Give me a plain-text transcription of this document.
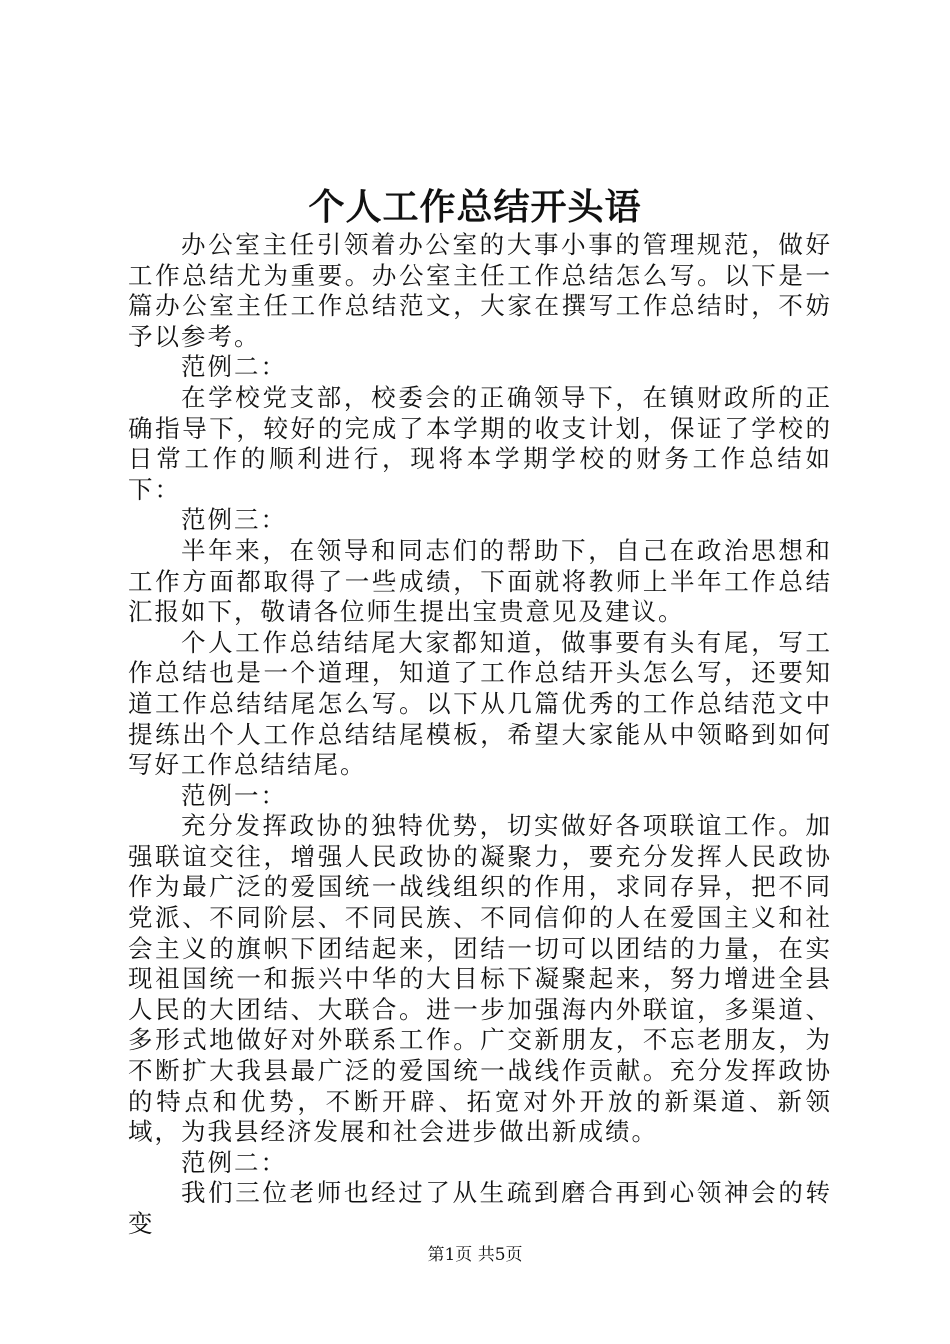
个人工作总结开头语

办公室主任引领着办公室的大事小事的管理规范，做好工作总结尤为重要。办公室主任工作总结怎么写。以下是一篇办公室主任工作总结范文，大家在撰写工作总结时，不妨予以参考。

范例二：

在学校党支部，校委会的正确领导下，在镇财政所的正确指导下，较好的完成了本学期的收支计划，保证了学校的日常工作的顺利进行，现将本学期学校的财务工作总结如下：

范例三：

半年来，在领导和同志们的帮助下，自己在政治思想和工作方面都取得了一些成绩，下面就将教师上半年工作总结汇报如下，敬请各位师生提出宝贵意见及建议。

个人工作总结结尾大家都知道，做事要有头有尾，写工作总结也是一个道理，知道了工作总结开头怎么写，还要知道工作总结结尾怎么写。以下从几篇优秀的工作总结范文中提练出个人工作总结结尾模板，希望大家能从中领略到如何写好工作总结结尾。

范例一：

充分发挥政协的独特优势，切实做好各项联谊工作。加强联谊交往，增强人民政协的凝聚力，要充分发挥人民政协作为最广泛的爱国统一战线组织的作用，求同存异，把不同党派、不同阶层、不同民族、不同信仰的人在爱国主义和社会主义的旗帜下团结起来，团结一切可以团结的力量，在实现祖国统一和振兴中华的大目标下凝聚起来，努力增进全县人民的大团结、大联合。进一步加强海内外联谊，多渠道、多形式地做好对外联系工作。广交新朋友，不忘老朋友，为不断扩大我县最广泛的爱国统一战线作贡献。充分发挥政协的特点和优势，不断开辟、拓宽对外开放的新渠道、新领域，为我县经济发展和社会进步做出新成绩。

范例二：

我们三位老师也经过了从生疏到磨合再到心领神会的转变

第1页 共5页
